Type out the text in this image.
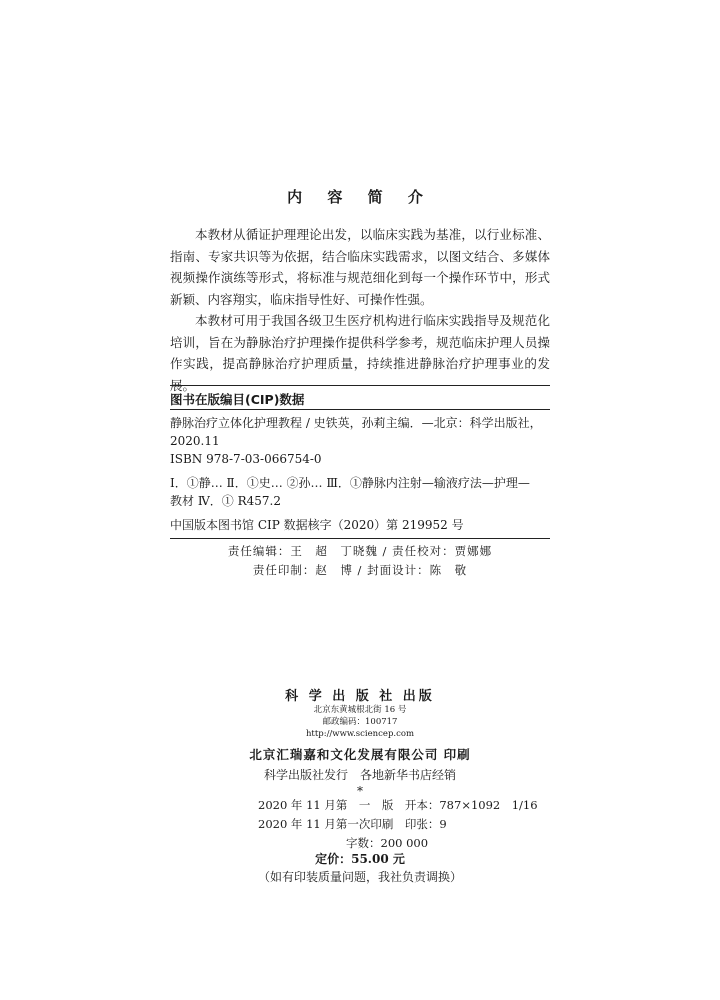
内 容 简 介

本教材从循证护理理论出发，以临床实践为基准，以行业标准、指南、专家共识等为依据，结合临床实践需求，以图文结合、多媒体视频操作演练等形式，将标准与规范细化到每一个操作环节中，形式新颖、内容翔实，临床指导性好、可操作性强。

本教材可用于我国各级卫生医疗机构进行临床实践指导及规范化培训，旨在为静脉治疗护理操作提供科学参考，规范临床护理人员操作实践，提高静脉治疗护理质量，持续推进静脉治疗护理事业的发展。

图书在版编目(CIP)数据
静脉治疗立体化护理教程 / 史铁英，孙莉主编．—北京：科学出版社，
2020.11
ISBN 978-7-03-066754-0
Ⅰ．①静… Ⅱ．①史… ②孙… Ⅲ．①静脉内注射—输液疗法—护理—
教材 Ⅳ．① R457.2
中国版本图书馆 CIP 数据核字（2020）第 219952 号
责任编辑：王　超　丁晓魏 / 责任校对：贾娜娜
责任印制：赵　博 / 封面设计：陈　敬
科 学 出 版 社 出版
北京东黄城根北街 16 号
邮政编码：100717
http://www.sciencep.com
北京汇瑞嘉和文化发展有限公司 印刷
科学出版社发行　各地新华书店经销
*
2020 年 11 月第　一　版　开本：787×1092　1/16
2020 年 11 月第一次印刷　印张：9
字数：200 000
定价：55.00 元
（如有印装质量问题，我社负责调换）
